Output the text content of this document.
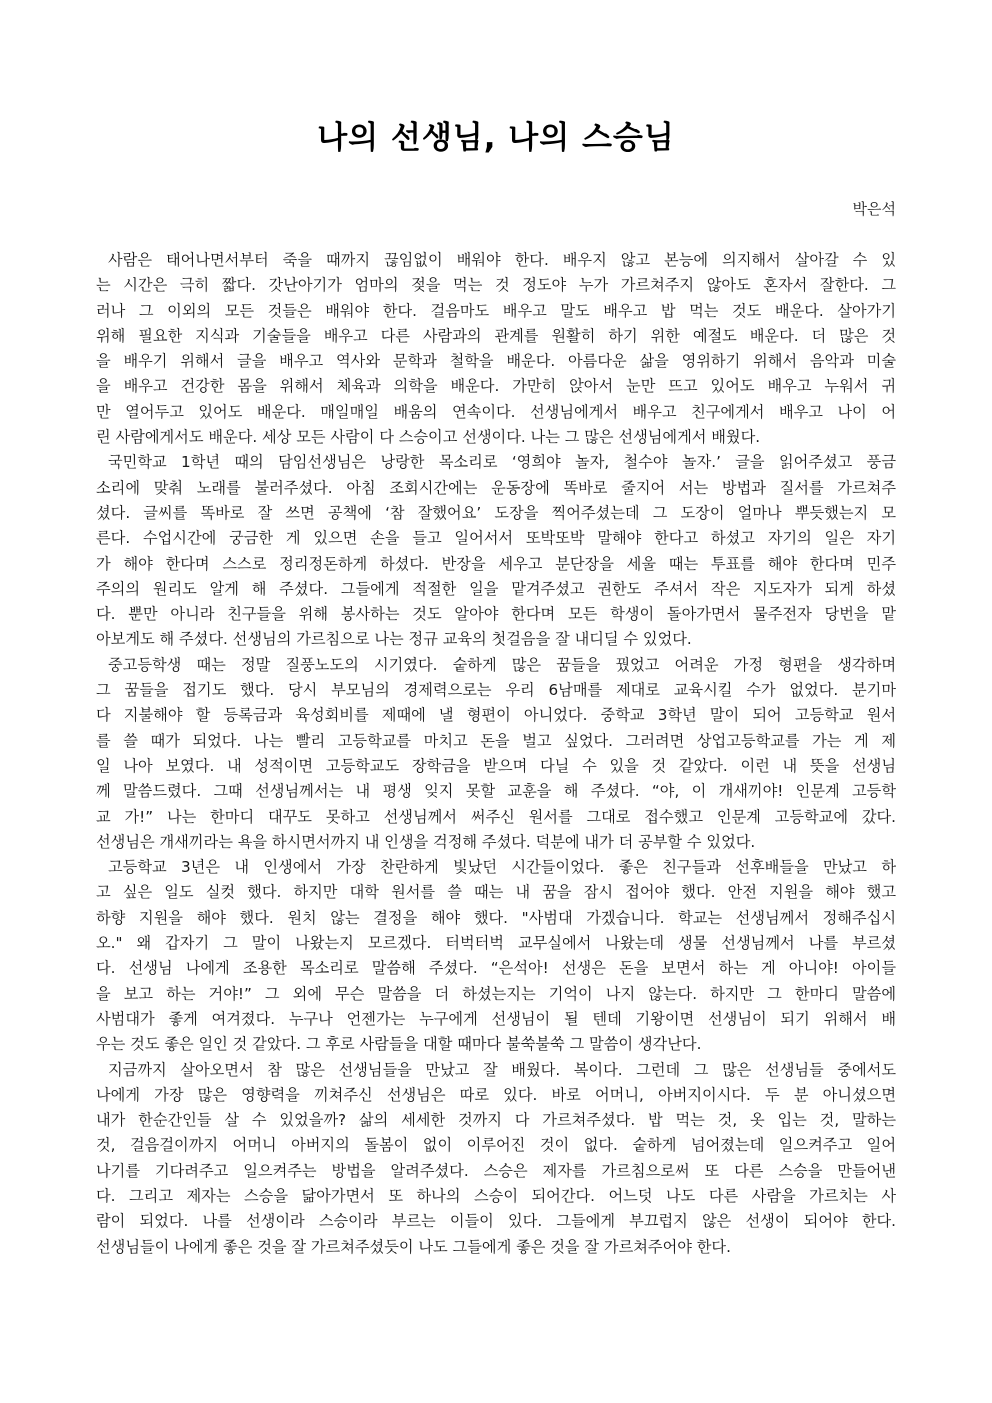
나의 선생님, 나의 스승님
박은석
사람은 태어나면서부터 죽을 때까지 끊임없이 배워야 한다. 배우지 않고 본능에 의지해서 살아갈 수 있
는 시간은 극히 짧다. 갓난아기가 엄마의 젖을 먹는 것 정도야 누가 가르쳐주지 않아도 혼자서 잘한다. 그
러나 그 이외의 모든 것들은 배워야 한다. 걸음마도 배우고 말도 배우고 밥 먹는 것도 배운다. 살아가기
위해 필요한 지식과 기술들을 배우고 다른 사람과의 관계를 원활히 하기 위한 예절도 배운다. 더 많은 것
을 배우기 위해서 글을 배우고 역사와 문학과 철학을 배운다. 아름다운 삶을 영위하기 위해서 음악과 미술
을 배우고 건강한 몸을 위해서 체육과 의학을 배운다. 가만히 앉아서 눈만 뜨고 있어도 배우고 누워서 귀
만 열어두고 있어도 배운다. 매일매일 배움의 연속이다. 선생님에게서 배우고 친구에게서 배우고 나이 어
린 사람에게서도 배운다. 세상 모든 사람이 다 스승이고 선생이다. 나는 그 많은 선생님에게서 배웠다.
국민학교 1학년 때의 담임선생님은 낭랑한 목소리로 ‘영희야 놀자, 철수야 놀자.’ 글을 읽어주셨고 풍금
소리에 맞춰 노래를 불러주셨다. 아침 조회시간에는 운동장에 똑바로 줄지어 서는 방법과 질서를 가르쳐주
셨다. 글씨를 똑바로 잘 쓰면 공책에 ‘참 잘했어요’ 도장을 찍어주셨는데 그 도장이 얼마나 뿌듯했는지 모
른다. 수업시간에 궁금한 게 있으면 손을 들고 일어서서 또박또박 말해야 한다고 하셨고 자기의 일은 자기
가 해야 한다며 스스로 정리정돈하게 하셨다. 반장을 세우고 분단장을 세울 때는 투표를 해야 한다며 민주
주의의 원리도 알게 해 주셨다. 그들에게 적절한 일을 맡겨주셨고 권한도 주셔서 작은 지도자가 되게 하셨
다. 뿐만 아니라 친구들을 위해 봉사하는 것도 알아야 한다며 모든 학생이 돌아가면서 물주전자 당번을 맡
아보게도 해 주셨다. 선생님의 가르침으로 나는 정규 교육의 첫걸음을 잘 내디딜 수 있었다.
중고등학생 때는 정말 질풍노도의 시기였다. 숱하게 많은 꿈들을 꿨었고 어려운 가정 형편을 생각하며
그 꿈들을 접기도 했다. 당시 부모님의 경제력으로는 우리 6남매를 제대로 교육시킬 수가 없었다. 분기마
다 지불해야 할 등록금과 육성회비를 제때에 낼 형편이 아니었다. 중학교 3학년 말이 되어 고등학교 원서
를 쓸 때가 되었다. 나는 빨리 고등학교를 마치고 돈을 벌고 싶었다. 그러려면 상업고등학교를 가는 게 제
일 나아 보였다. 내 성적이면 고등학교도 장학금을 받으며 다닐 수 있을 것 같았다. 이런 내 뜻을 선생님
께 말씀드렸다. 그때 선생님께서는 내 평생 잊지 못할 교훈을 해 주셨다. “야, 이 개새끼야! 인문계 고등학
교 가!” 나는 한마디 대꾸도 못하고 선생님께서 써주신 원서를 그대로 접수했고 인문계 고등학교에 갔다.
선생님은 개새끼라는 욕을 하시면서까지 내 인생을 걱정해 주셨다. 덕분에 내가 더 공부할 수 있었다.
고등학교 3년은 내 인생에서 가장 찬란하게 빛났던 시간들이었다. 좋은 친구들과 선후배들을 만났고 하
고 싶은 일도 실컷 했다. 하지만 대학 원서를 쓸 때는 내 꿈을 잠시 접어야 했다. 안전 지원을 해야 했고
하향 지원을 해야 했다. 원치 않는 결정을 해야 했다. "사범대 가겠습니다. 학교는 선생님께서 정해주십시
오." 왜 갑자기 그 말이 나왔는지 모르겠다. 터벅터벅 교무실에서 나왔는데 생물 선생님께서 나를 부르셨
다. 선생님 나에게 조용한 목소리로 말씀해 주셨다. “은석아! 선생은 돈을 보면서 하는 게 아니야! 아이들
을 보고 하는 거야!” 그 외에 무슨 말씀을 더 하셨는지는 기억이 나지 않는다. 하지만 그 한마디 말씀에
사범대가 좋게 여겨졌다. 누구나 언젠가는 누구에게 선생님이 될 텐데 기왕이면 선생님이 되기 위해서 배
우는 것도 좋은 일인 것 같았다. 그 후로 사람들을 대할 때마다 불쑥불쑥 그 말씀이 생각난다.
지금까지 살아오면서 참 많은 선생님들을 만났고 잘 배웠다. 복이다. 그런데 그 많은 선생님들 중에서도
나에게 가장 많은 영향력을 끼쳐주신 선생님은 따로 있다. 바로 어머니, 아버지이시다. 두 분 아니셨으면
내가 한순간인들 살 수 있었을까? 삶의 세세한 것까지 다 가르쳐주셨다. 밥 먹는 것, 옷 입는 것, 말하는
것, 걸음걸이까지 어머니 아버지의 돌봄이 없이 이루어진 것이 없다. 숱하게 넘어졌는데 일으켜주고 일어
나기를 기다려주고 일으켜주는 방법을 알려주셨다. 스승은 제자를 가르침으로써 또 다른 스승을 만들어낸
다. 그리고 제자는 스승을 닮아가면서 또 하나의 스승이 되어간다. 어느덧 나도 다른 사람을 가르치는 사
람이 되었다. 나를 선생이라 스승이라 부르는 이들이 있다. 그들에게 부끄럽지 않은 선생이 되어야 한다.
선생님들이 나에게 좋은 것을 잘 가르쳐주셨듯이 나도 그들에게 좋은 것을 잘 가르쳐주어야 한다.
